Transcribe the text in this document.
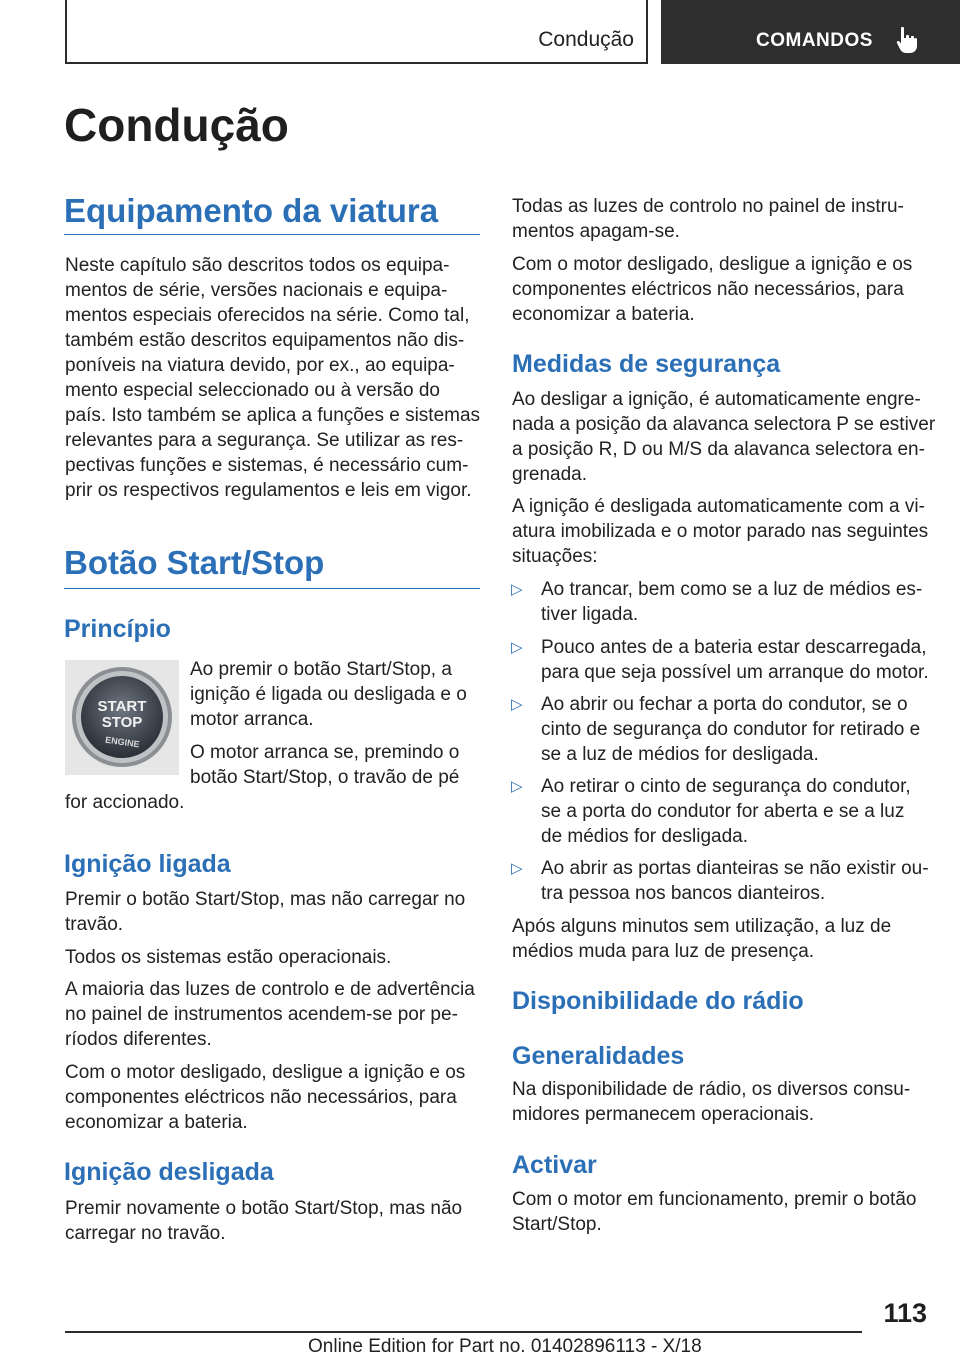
Condução	COMANDOS
Condução
Equipamento da viatura
Neste capítulo são descritos todos os equipa-
mentos de série, versões nacionais e equipa-
mentos especiais oferecidos na série. Como tal,
também estão descritos equipamentos não dis-
poníveis na viatura devido, por ex., ao equipa-
mento especial seleccionado ou à versão do
país. Isto também se aplica a funções e sistemas
relevantes para a segurança. Se utilizar as res-
pectivas funções e sistemas, é necessário cum-
prir os respectivos regulamentos e leis em vigor.
Botão Start/Stop
Princípio
START
STOP
ENGINE
Ao premir o botão Start/Stop, a
ignição é ligada ou desligada e o
motor arranca.
O motor arranca se, premindo o
botão Start/Stop, o travão de pé
for accionado.
Ignição ligada
Premir o botão Start/Stop, mas não carregar no
travão.
Todos os sistemas estão operacionais.
A maioria das luzes de controlo e de advertência
no painel de instrumentos acendem-se por pe-
ríodos diferentes.
Com o motor desligado, desligue a ignição e os
componentes eléctricos não necessários, para
economizar a bateria.
Ignição desligada
Premir novamente o botão Start/Stop, mas não
carregar no travão.
Todas as luzes de controlo no painel de instru-
mentos apagam-se.
Com o motor desligado, desligue a ignição e os
componentes eléctricos não necessários, para
economizar a bateria.
Medidas de segurança
Ao desligar a ignição, é automaticamente engre-
nada a posição da alavanca selectora P se estiver
a posição R, D ou M/S da alavanca selectora en-
grenada.
A ignição é desligada automaticamente com a vi-
atura imobilizada e o motor parado nas seguintes
situações:
▷ Ao trancar, bem como se a luz de médios es-
tiver ligada.
▷ Pouco antes de a bateria estar descarregada,
para que seja possível um arranque do motor.
▷ Ao abrir ou fechar a porta do condutor, se o
cinto de segurança do condutor for retirado e
se a luz de médios for desligada.
▷ Ao retirar o cinto de segurança do condutor,
se a porta do condutor for aberta e se a luz
de médios for desligada.
▷ Ao abrir as portas dianteiras se não existir ou-
tra pessoa nos bancos dianteiros.
Após alguns minutos sem utilização, a luz de
médios muda para luz de presença.
Disponibilidade do rádio
Generalidades
Na disponibilidade de rádio, os diversos consu-
midores permanecem operacionais.
Activar
Com o motor em funcionamento, premir o botão
Start/Stop.
113
Online Edition for Part no. 01402896113 - X/18
